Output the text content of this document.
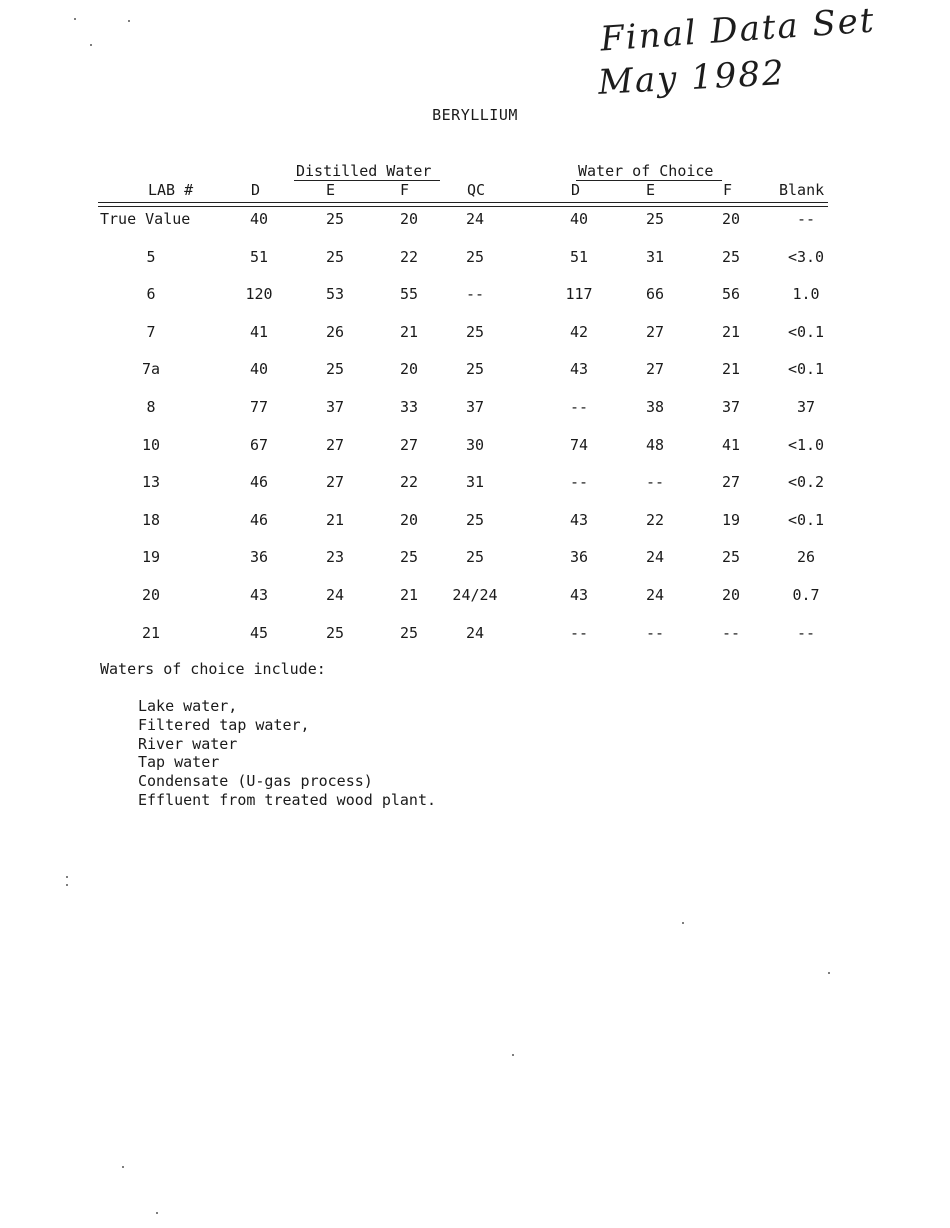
Final Data Set
May 1982
BERYLLIUM
Distilled Water	Water of Choice
LAB #	D	E	F	QC	D	E	F	Blank
True Value	40	25	20	24	40	25	20	--
5	51	25	22	25	51	31	25	<3.0
6	120	53	55	--	117	66	56	1.0
7	41	26	21	25	42	27	21	<0.1
7a	40	25	20	25	43	27	21	<0.1
8	77	37	33	37	--	38	37	37
10	67	27	27	30	74	48	41	<1.0
13	46	27	22	31	--	--	27	<0.2
18	46	21	20	25	43	22	19	<0.1
19	36	23	25	25	36	24	25	26
20	43	24	21	24/24	43	24	20	0.7
21	45	25	25	24	--	--	--	--
Waters of choice include:
Lake water,
Filtered tap water,
River water
Tap water
Condensate (U-gas process)
Effluent from treated wood plant.
